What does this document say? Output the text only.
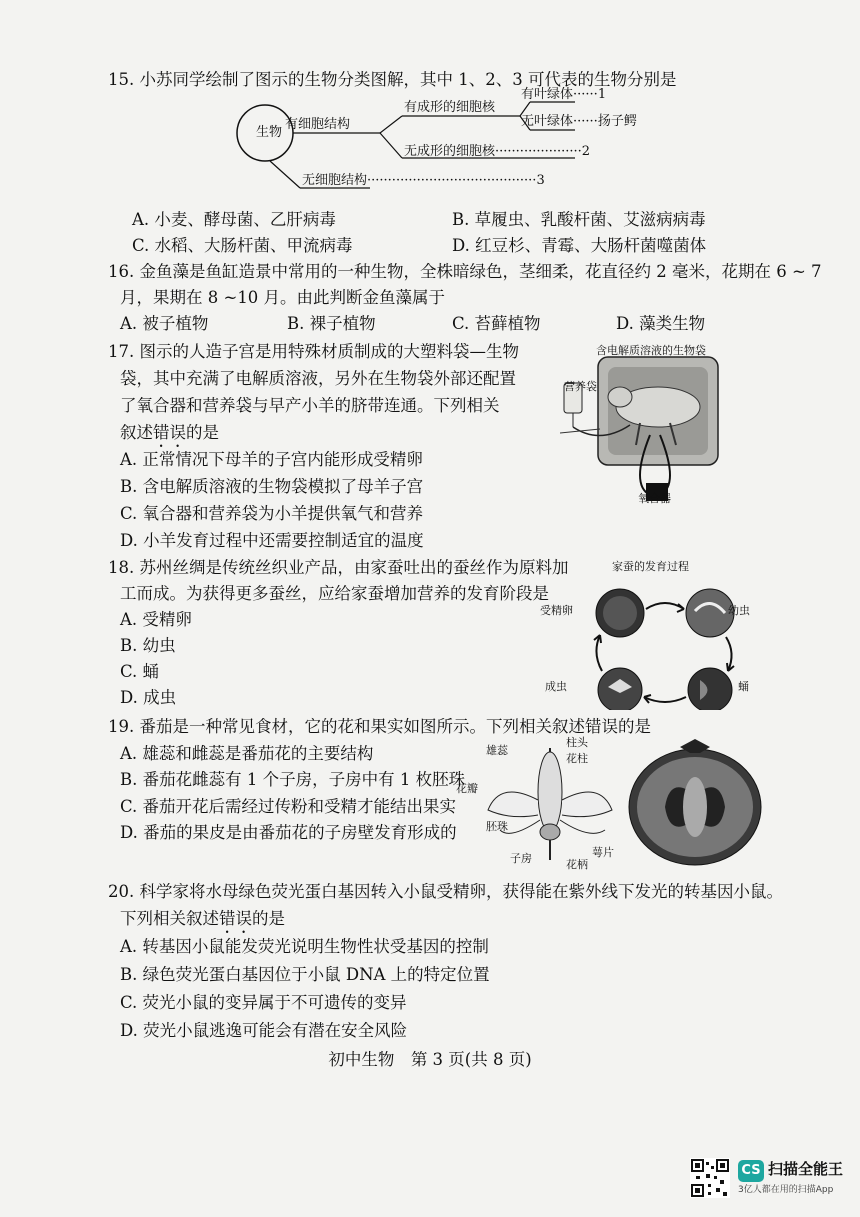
15. 小苏同学绘制了图示的生物分类图解，其中 1、2、3 可代表的生物分别是
生物
有细胞结构
有成形的细胞核
有叶绿体······1
无叶绿体······扬子鳄
无成形的细胞核·····················2
无细胞结构·········································3
A. 小麦、酵母菌、乙肝病毒	B. 草履虫、乳酸杆菌、艾滋病病毒
C. 水稻、大肠杆菌、甲流病毒	D. 红豆杉、青霉、大肠杆菌噬菌体
16. 金鱼藻是鱼缸造景中常用的一种生物，全株暗绿色，茎细柔，花直径约 2 毫米，花期在 6 ~ 7
月，果期在 8 ~10 月。由此判断金鱼藻属于
A. 被子植物	B. 裸子植物	C. 苔藓植物	D. 藻类生物
17. 图示的人造子宫是用特殊材质制成的大塑料袋—生物
袋，其中充满了电解质溶液，另外在生物袋外部还配置
了氧合器和营养袋与早产小羊的脐带连通。下列相关
叙述错误的是
A. 正常情况下母羊的子宫内能形成受精卵
B. 含电解质溶液的生物袋模拟了母羊子宫
C. 氧合器和营养袋为小羊提供氧气和营养
D. 小羊发育过程中还需要控制适宜的温度
含电解质溶液的生物袋
营养袋
氧合器
18. 苏州丝绸是传统丝织业产品，由家蚕吐出的蚕丝作为原料加
工而成。为获得更多蚕丝，应给家蚕增加营养的发育阶段是
A. 受精卵
B. 幼虫
C. 蛹
D. 成虫
家蚕的发育过程
受精卵	幼虫
蛹
成虫
19. 番茄是一种常见食材，它的花和果实如图所示。下列相关叙述错误的是
A. 雄蕊和雌蕊是番茄花的主要结构
B. 番茄花雌蕊有 1 个子房，子房中有 1 枚胚珠
C. 番茄开花后需经过传粉和受精才能结出果实
D. 番茄的果皮是由番茄花的子房壁发育形成的
雄蕊
柱头
花柱
花瓣
胚珠
子房	花柄
萼片
20. 科学家将水母绿色荧光蛋白基因转入小鼠受精卵，获得能在紫外线下发光的转基因小鼠。
下列相关叙述错误的是
A. 转基因小鼠能发荧光说明生物性状受基因的控制
B. 绿色荧光蛋白基因位于小鼠 DNA 上的特定位置
C. 荧光小鼠的变异属于不可遗传的变异
D. 荧光小鼠逃逸可能会有潜在安全风险
初中生物　第 3 页(共 8 页)
CS 扫描全能王
3亿人都在用的扫描App
